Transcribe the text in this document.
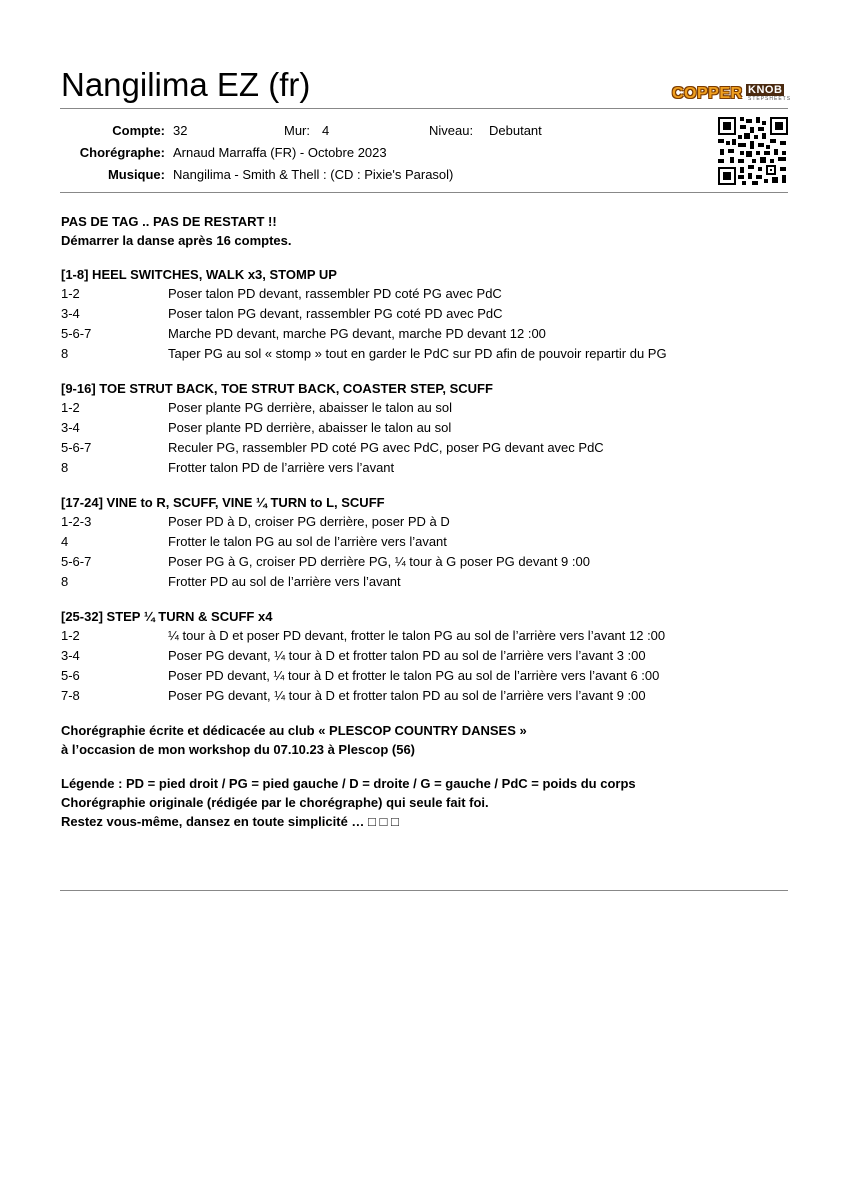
Nangilima EZ (fr)	COPPER KNOB
STEPSHEETS
Compte: 32	Mur: 4	Niveau: Debutant
Chorégraphe: Arnaud Marraffa (FR) - Octobre 2023
Musique: Nangilima - Smith & Thell : (CD : Pixie's Parasol)
PAS DE TAG .. PAS DE RESTART !!
Démarrer la danse après 16 comptes.
[1-8] HEEL SWITCHES, WALK x3, STOMP UP
1-2	Poser talon PD devant, rassembler PD coté PG avec PdC
3-4	Poser talon PG devant, rassembler PG coté PD avec PdC
5-6-7	Marche PD devant, marche PG devant, marche PD devant 12 :00
8	Taper PG au sol « stomp » tout en garder le PdC sur PD afin de pouvoir repartir du PG
[9-16] TOE STRUT BACK, TOE STRUT BACK, COASTER STEP, SCUFF
1-2	Poser plante PG derrière, abaisser le talon au sol
3-4	Poser plante PD derrière, abaisser le talon au sol
5-6-7	Reculer PG, rassembler PD coté PG avec PdC, poser PG devant avec PdC
8	Frotter talon PD de l’arrière vers l’avant
[17-24] VINE to R, SCUFF, VINE ¼ TURN to L, SCUFF
1-2-3	Poser PD à D, croiser PG derrière, poser PD à D
4	Frotter le talon PG au sol de l’arrière vers l’avant
5-6-7	Poser PG à G, croiser PD derrière PG, ¼ tour à G poser PG devant 9 :00
8	Frotter PD au sol de l’arrière vers l’avant
[25-32] STEP ¼ TURN & SCUFF x4
1-2	¼ tour à D et poser PD devant, frotter le talon PG au sol de l’arrière vers l’avant 12 :00
3-4	Poser PG devant, ¼ tour à D et frotter talon PD au sol de l’arrière vers l’avant 3 :00
5-6	Poser PD devant, ¼ tour à D et frotter le talon PG au sol de l’arrière vers l’avant 6 :00
7-8	Poser PG devant, ¼ tour à D et frotter talon PD au sol de l’arrière vers l’avant 9 :00
Chorégraphie écrite et dédicacée au club « PLESCOP COUNTRY DANSES »
à l’occasion de mon workshop du 07.10.23 à Plescop (56)
Légende : PD = pied droit / PG = pied gauche / D = droite / G = gauche / PdC = poids du corps
Chorégraphie originale (rédigée par le chorégraphe) qui seule fait foi.
Restez vous-même, dansez en toute simplicité … □ □ □
